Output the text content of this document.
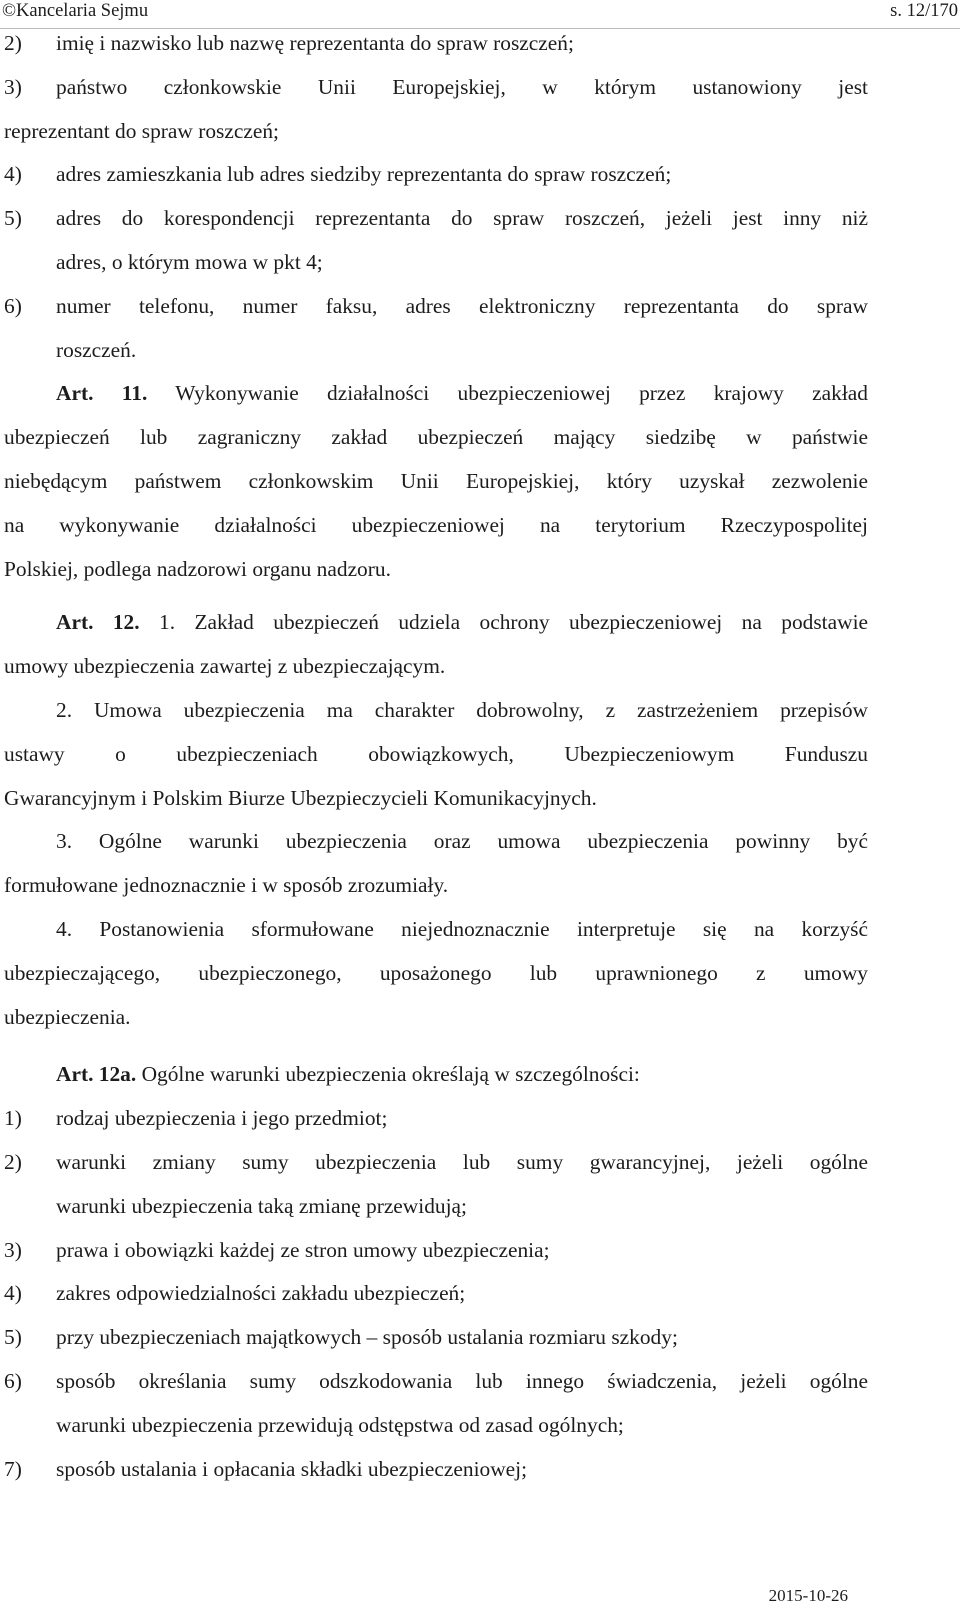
©Kancelaria Sejmu	s. 12/170
2) imię i nazwisko lub nazwę reprezentanta do spraw roszczeń;
3) państwo członkowskie Unii Europejskiej, w którym ustanowiony jest
reprezentant do spraw roszczeń;
4) adres zamieszkania lub adres siedziby reprezentanta do spraw roszczeń;
5) adres do korespondencji reprezentanta do spraw roszczeń, jeżeli jest inny niż
adres, o którym mowa w pkt 4;
6) numer telefonu, numer faksu, adres elektroniczny reprezentanta do spraw
roszczeń.
Art. 11. Wykonywanie działalności ubezpieczeniowej przez krajowy zakład
ubezpieczeń lub zagraniczny zakład ubezpieczeń mający siedzibę w państwie
niebędącym państwem członkowskim Unii Europejskiej, który uzyskał zezwolenie
na wykonywanie działalności ubezpieczeniowej na terytorium Rzeczypospolitej
Polskiej, podlega nadzorowi organu nadzoru.
Art. 12. 1. Zakład ubezpieczeń udziela ochrony ubezpieczeniowej na podstawie
umowy ubezpieczenia zawartej z ubezpieczającym.
2. Umowa ubezpieczenia ma charakter dobrowolny, z zastrzeżeniem przepisów
ustawy o ubezpieczeniach obowiązkowych, Ubezpieczeniowym Funduszu
Gwarancyjnym i Polskim Biurze Ubezpieczycieli Komunikacyjnych.
3. Ogólne warunki ubezpieczenia oraz umowa ubezpieczenia powinny być
formułowane jednoznacznie i w sposób zrozumiały.
4. Postanowienia sformułowane niejednoznacznie interpretuje się na korzyść
ubezpieczającego, ubezpieczonego, uposażonego lub uprawnionego z umowy
ubezpieczenia.
Art. 12a. Ogólne warunki ubezpieczenia określają w szczególności:
1) rodzaj ubezpieczenia i jego przedmiot;
2) warunki zmiany sumy ubezpieczenia lub sumy gwarancyjnej, jeżeli ogólne
warunki ubezpieczenia taką zmianę przewidują;
3) prawa i obowiązki każdej ze stron umowy ubezpieczenia;
4) zakres odpowiedzialności zakładu ubezpieczeń;
5) przy ubezpieczeniach majątkowych – sposób ustalania rozmiaru szkody;
6) sposób określania sumy odszkodowania lub innego świadczenia, jeżeli ogólne
warunki ubezpieczenia przewidują odstępstwa od zasad ogólnych;
7) sposób ustalania i opłacania składki ubezpieczeniowej;
2015-10-26
